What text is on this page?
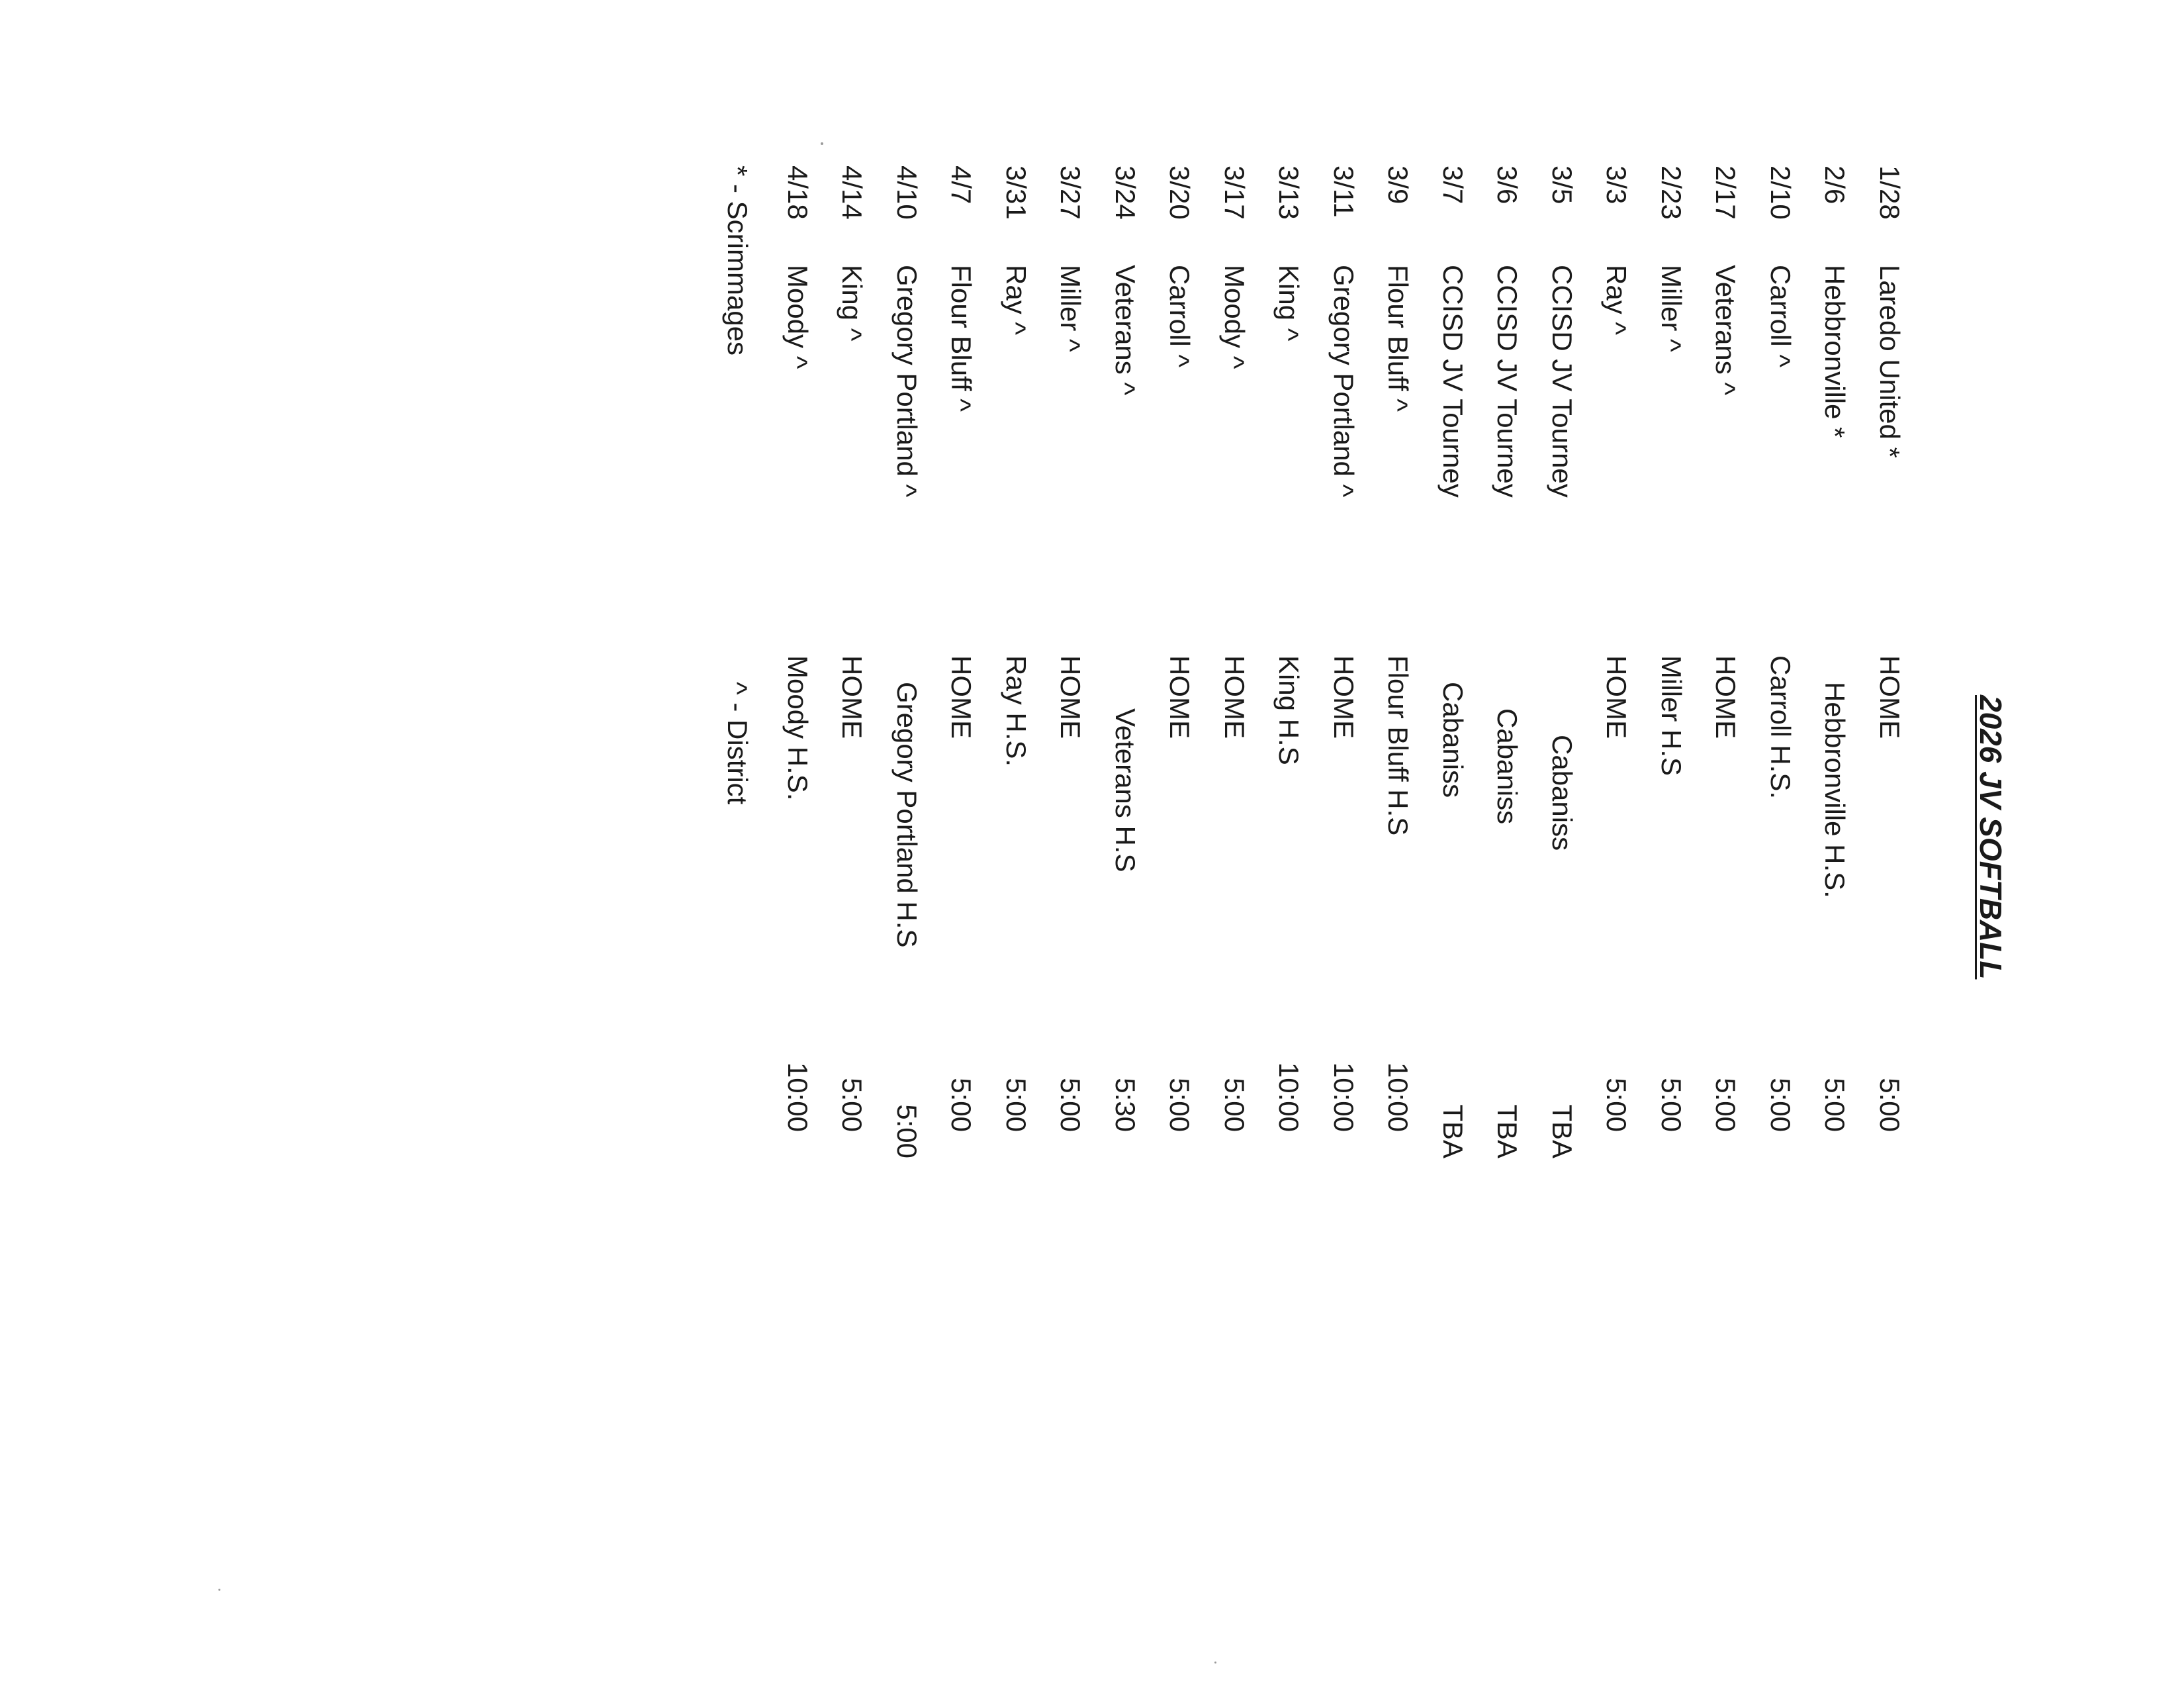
2026 JV SOFTBALL
1/28
Laredo United *
HOME
5:00
2/6
Hebbronville *
Hebbronville H.S.
5:00
2/10
Carroll ^
Carroll H.S.
5:00
2/17
Veterans ^
HOME
5:00
2/23
Miller ^
Miller H.S
5:00
3/3
Ray ^
HOME
5:00
3/5
CCISD JV Tourney
Cabaniss
TBA
3/6
CCISD JV Tourney
Cabaniss
TBA
3/7
CCISD JV Tourney
Cabaniss
TBA
3/9
Flour Bluff ^
Flour Bluff H.S
10:00
3/11
Gregory Portland ^
HOME
10:00
3/13
King ^
King H.S
10:00
3/17
Moody ^
HOME
5:00
3/20
Carroll ^
HOME
5:00
3/24
Veterans ^
Veterans H.S
5:30
3/27
Miller ^
HOME
5:00
3/31
Ray ^
Ray H.S.
5:00
4/7
Flour Bluff ^
HOME
5:00
4/10
Gregory Portland ^
Gregory Portland H.S
5:00
4/14
King ^
HOME
5:00
4/18
Moody ^
Moody H.S.
10:00
* - Scrimmages
^ - District
